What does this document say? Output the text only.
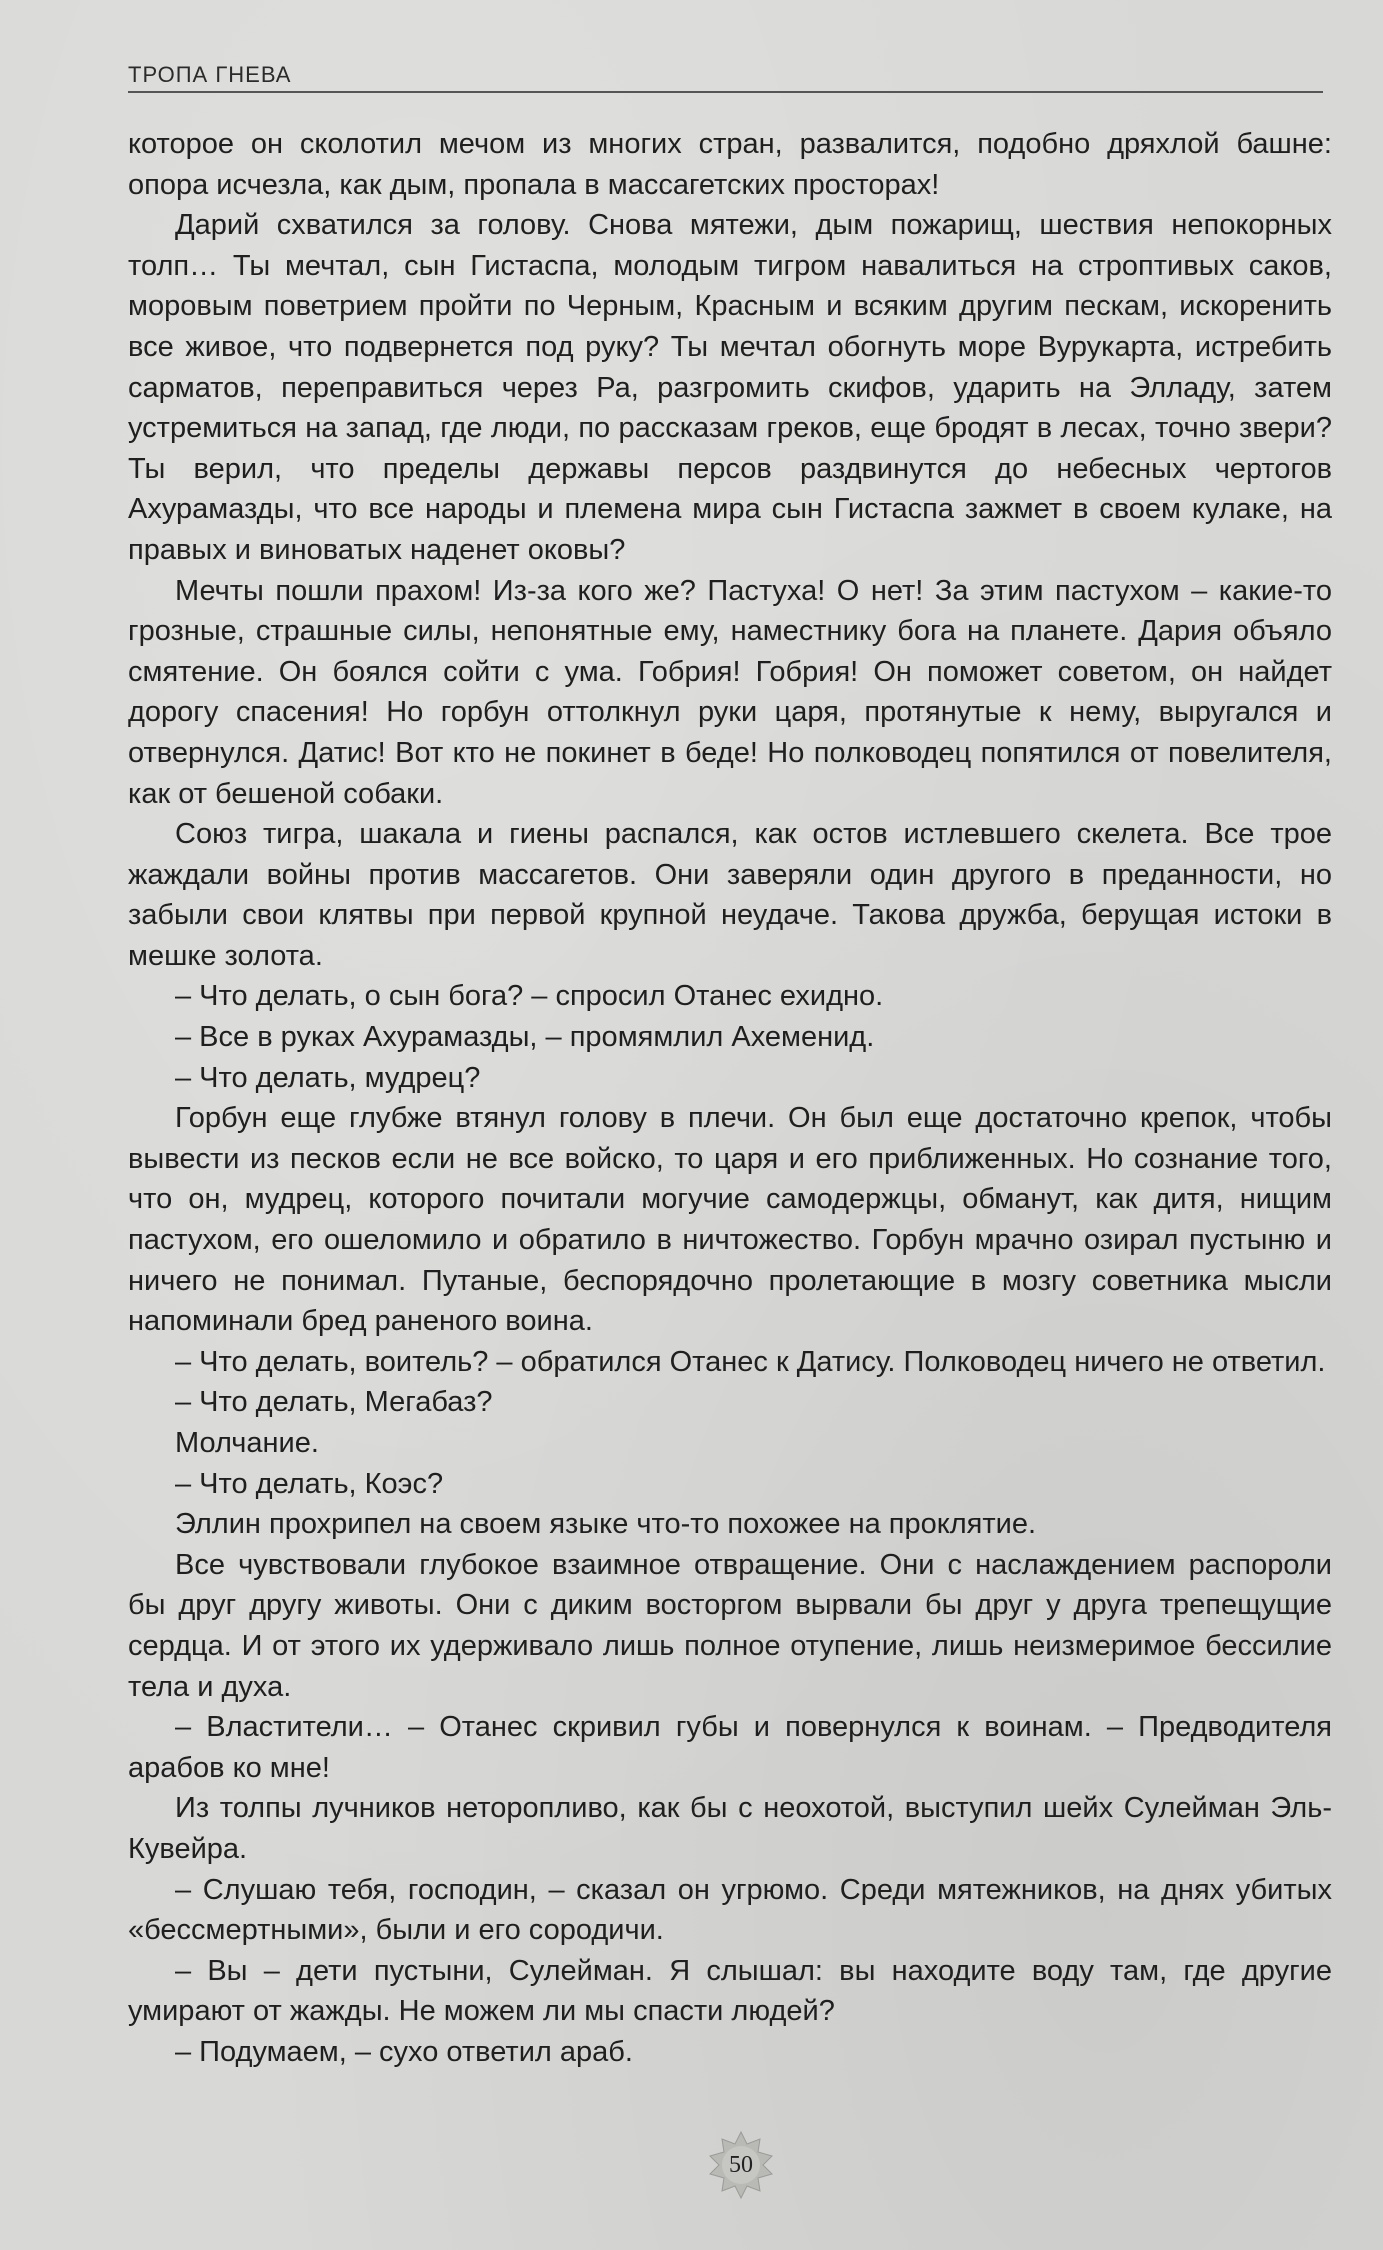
ТРОПА ГНЕВА

которое он сколотил мечом из многих стран, развалится, подобно дряхлой башне: опора исчезла, как дым, пропала в массагетских просторах!

Дарий схватился за голову. Снова мятежи, дым пожарищ, шествия непокорных толп… Ты мечтал, сын Гистаспа, молодым тигром навалиться на строптивых саков, моровым поветрием пройти по Черным, Красным и всяким другим пескам, искоренить все живое, что подвернется под руку? Ты мечтал обогнуть море Вурукарта, истребить сарматов, переправиться через Ра, разгромить скифов, ударить на Элладу, затем устремиться на запад, где люди, по рассказам греков, еще бродят в лесах, точно звери? Ты верил, что пределы державы персов раздвинутся до небесных чертогов Ахурамазды, что все народы и племена мира сын Гистаспа зажмет в своем кулаке, на правых и виноватых наденет оковы?

Мечты пошли прахом! Из-за кого же? Пастуха! О нет! За этим пастухом – какие-то грозные, страшные силы, непонятные ему, наместнику бога на планете. Дария объяло смятение. Он боялся сойти с ума. Гобрия! Гобрия! Он поможет советом, он найдет дорогу спасения! Но горбун оттолкнул руки царя, протянутые к нему, выругался и отвернулся. Датис! Вот кто не покинет в беде! Но полководец попятился от повелителя, как от бешеной собаки.

Союз тигра, шакала и гиены распался, как остов истлевшего скелета. Все трое жаждали войны против массагетов. Они заверяли один другого в преданности, но забыли свои клятвы при первой крупной неудаче. Такова дружба, берущая истоки в мешке золота.

– Что делать, о сын бога? – спросил Отанес ехидно.

– Все в руках Ахурамазды, – промямлил Ахеменид.

– Что делать, мудрец?

Горбун еще глубже втянул голову в плечи. Он был еще достаточно крепок, чтобы вывести из песков если не все войско, то царя и его приближенных. Но сознание того, что он, мудрец, которого почитали могучие самодержцы, обманут, как дитя, нищим пастухом, его ошеломило и обратило в ничтожество. Горбун мрачно озирал пустыню и ничего не понимал. Путаные, беспорядочно пролетающие в мозгу советника мысли напоминали бред раненого воина.

– Что делать, воитель? – обратился Отанес к Датису. Полководец ничего не ответил.

– Что делать, Мегабаз?

Молчание.

– Что делать, Коэс?

Эллин прохрипел на своем языке что-то похожее на проклятие.

Все чувствовали глубокое взаимное отвращение. Они с наслаждением распороли бы друг другу животы. Они с диким восторгом вырвали бы друг у друга трепещущие сердца. И от этого их удерживало лишь полное отупение, лишь неизмеримое бессилие тела и духа.

– Властители… – Отанес скривил губы и повернулся к воинам. – Предводителя арабов ко мне!

Из толпы лучников неторопливо, как бы с неохотой, выступил шейх Сулейман Эль-Кувейра.

– Слушаю тебя, господин, – сказал он угрюмо. Среди мятежников, на днях убитых «бессмертными», были и его сородичи.

– Вы – дети пустыни, Сулейман. Я слышал: вы находите воду там, где другие умирают от жажды. Не можем ли мы спасти людей?

– Подумаем, – сухо ответил араб.

50
